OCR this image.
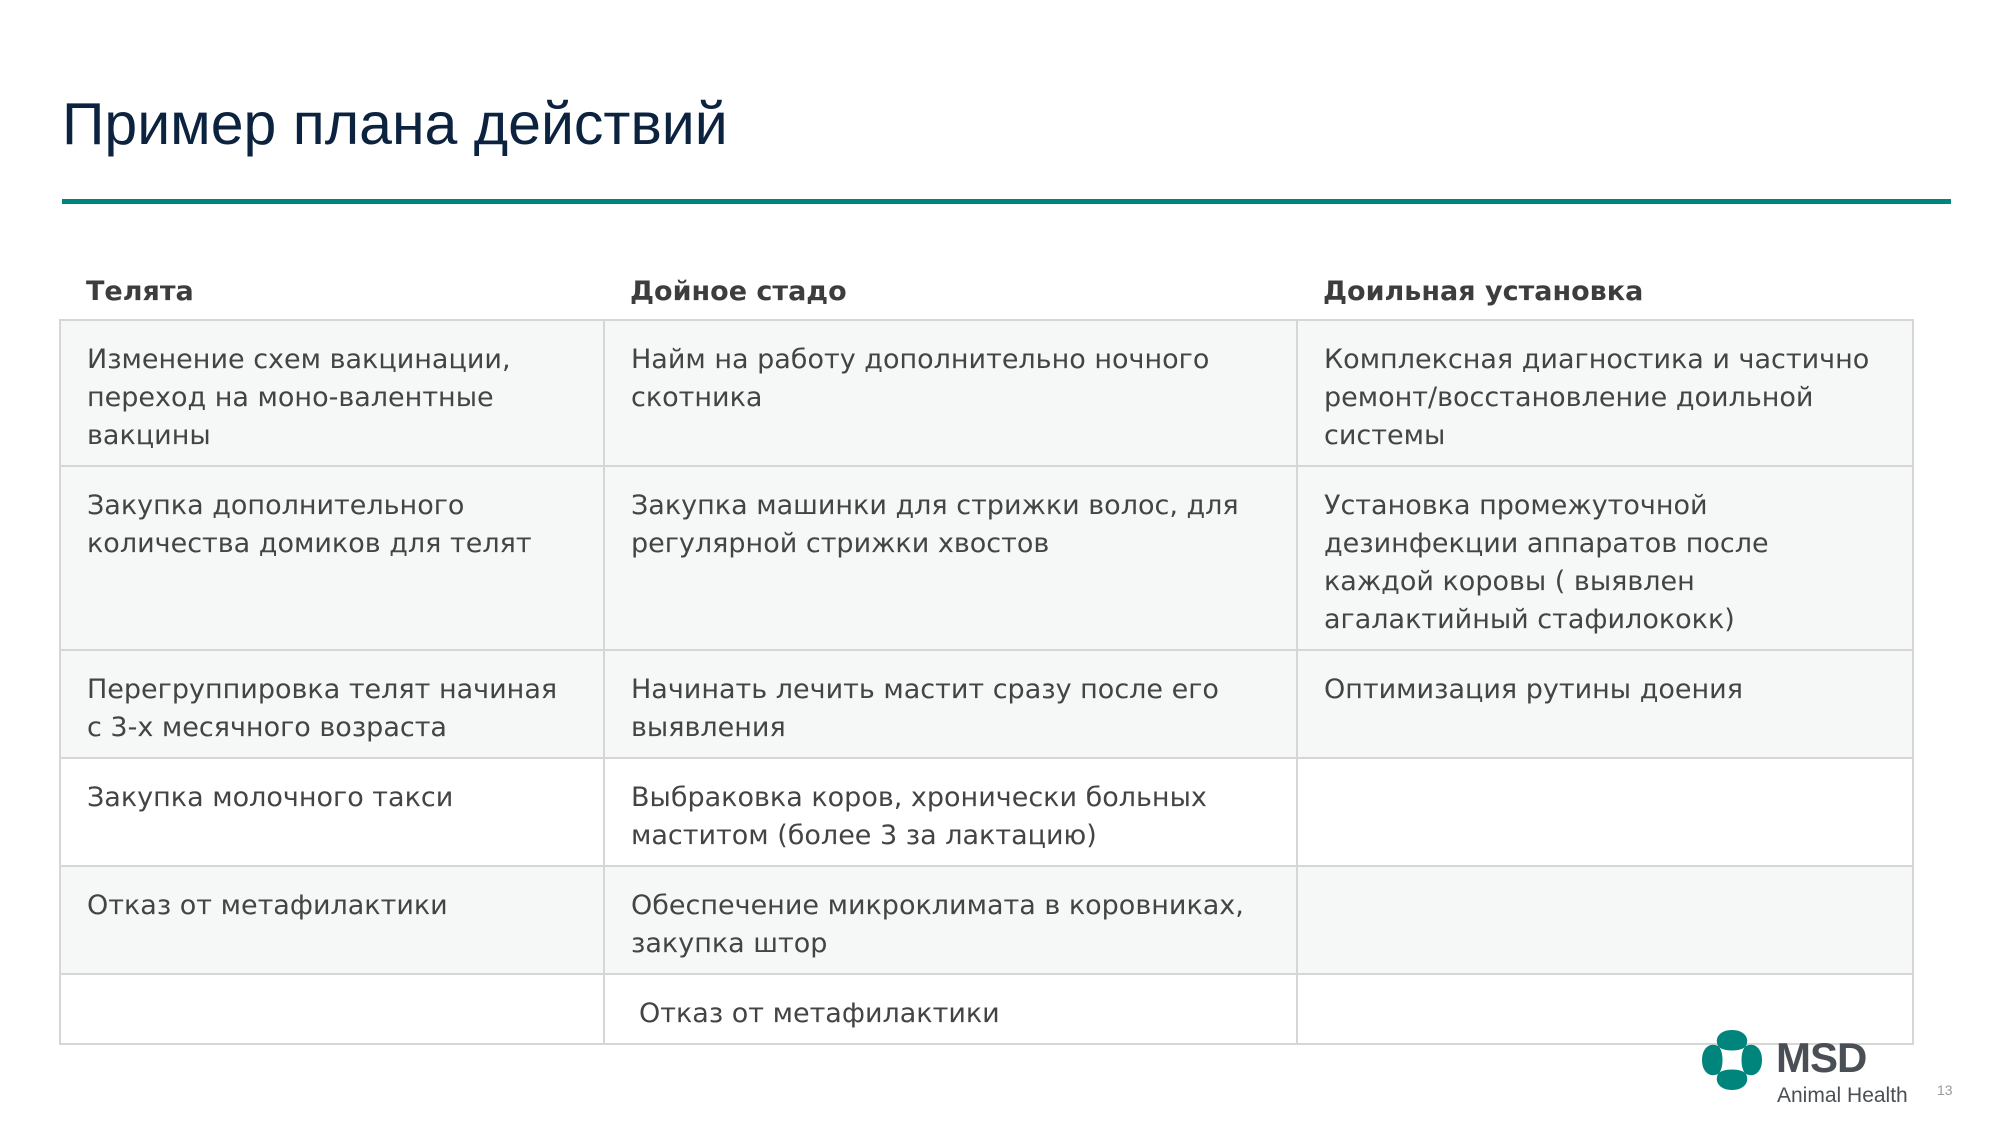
Пример плана действий
Телята	Дойное стадо	Доильная установка
Изменение схем вакцинации, переход на моно-валентные вакцины	Найм на работу дополнительно ночного скотника	Комплексная диагностика и частично ремонт/восстановление доильной системы
Закупка дополнительного количества домиков для телят	Закупка машинки для стрижки волос, для регулярной стрижки хвостов	Установка промежуточной дезинфекции аппаратов после каждой коровы ( выявлен агалактийный стафилококк)
Перегруппировка телят начиная с 3-х месячного возраста	Начинать лечить мастит сразу после его выявления	Оптимизация рутины доения
Закупка молочного такси	Выбраковка коров, хронически больных маститом (более 3 за лактацию)	
Отказ от метафилактики	Обеспечение микроклимата в коровниках, закупка штор	
	Отказ от метафилактики	
MSD
Animal Health 13
